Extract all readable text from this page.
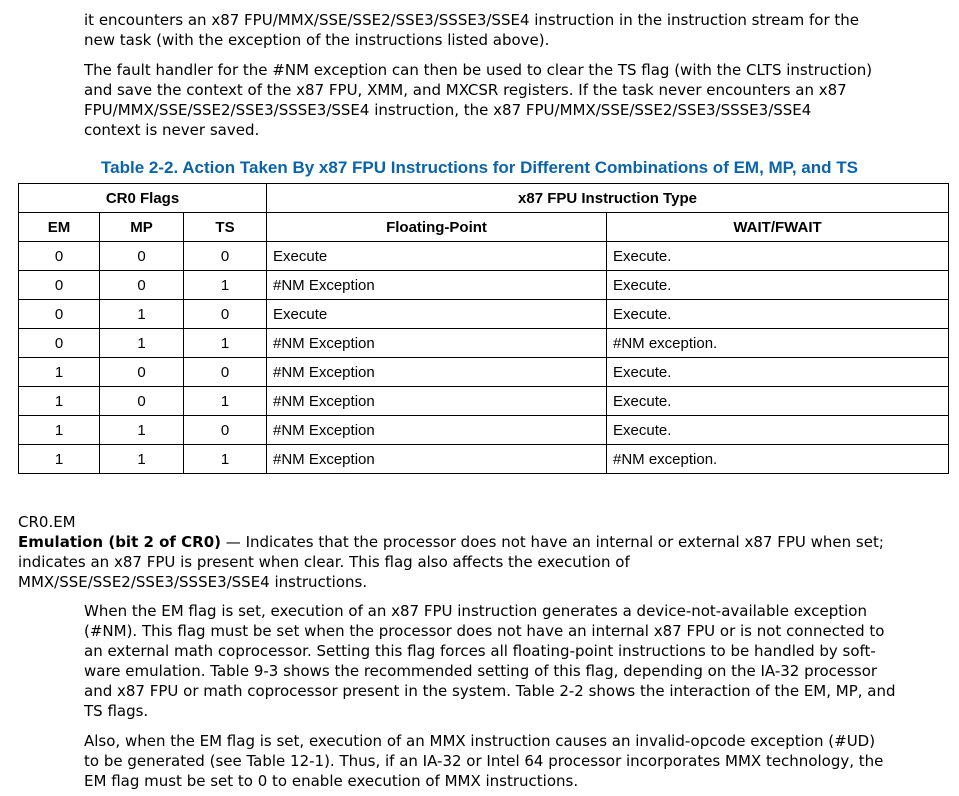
it encounters an x87 FPU/MMX/SSE/SSE2/SSE3/SSSE3/SSE4 instruction in the instruction stream for the
new task (with the exception of the instructions listed above).
The fault handler for the #NM exception can then be used to clear the TS flag (with the CLTS instruction)
and save the context of the x87 FPU, XMM, and MXCSR registers. If the task never encounters an x87
FPU/MMX/SSE/SSE2/SSE3/SSSE3/SSE4 instruction, the x87 FPU/MMX/SSE/SSE2/SSE3/SSSE3/SSE4
context is never saved.
Table 2-2. Action Taken By x87 FPU Instructions for Different Combinations of EM, MP, and TS
CR0 Flags			x87 FPU Instruction Type	
EM	MP	TS	Floating-Point	WAIT/FWAIT
0	0	0	Execute	Execute.
0	0	1	#NM Exception	Execute.
0	1	0	Execute	Execute.
0	1	1	#NM Exception	#NM exception.
1	0	0	#NM Exception	Execute.
1	0	1	#NM Exception	Execute.
1	1	0	#NM Exception	Execute.
1	1	1	#NM Exception	#NM exception.
CR0.EM
Emulation (bit 2 of CR0) — Indicates that the processor does not have an internal or external x87 FPU when set;
indicates an x87 FPU is present when clear. This flag also affects the execution of
MMX/SSE/SSE2/SSE3/SSSE3/SSE4 instructions.
When the EM flag is set, execution of an x87 FPU instruction generates a device-not-available exception
(#NM). This flag must be set when the processor does not have an internal x87 FPU or is not connected to
an external math coprocessor. Setting this flag forces all floating-point instructions to be handled by soft-
ware emulation. Table 9-3 shows the recommended setting of this flag, depending on the IA-32 processor
and x87 FPU or math coprocessor present in the system. Table 2-2 shows the interaction of the EM, MP, and
TS flags.
Also, when the EM flag is set, execution of an MMX instruction causes an invalid-opcode exception (#UD)
to be generated (see Table 12-1). Thus, if an IA-32 or Intel 64 processor incorporates MMX technology, the
EM flag must be set to 0 to enable execution of MMX instructions.
